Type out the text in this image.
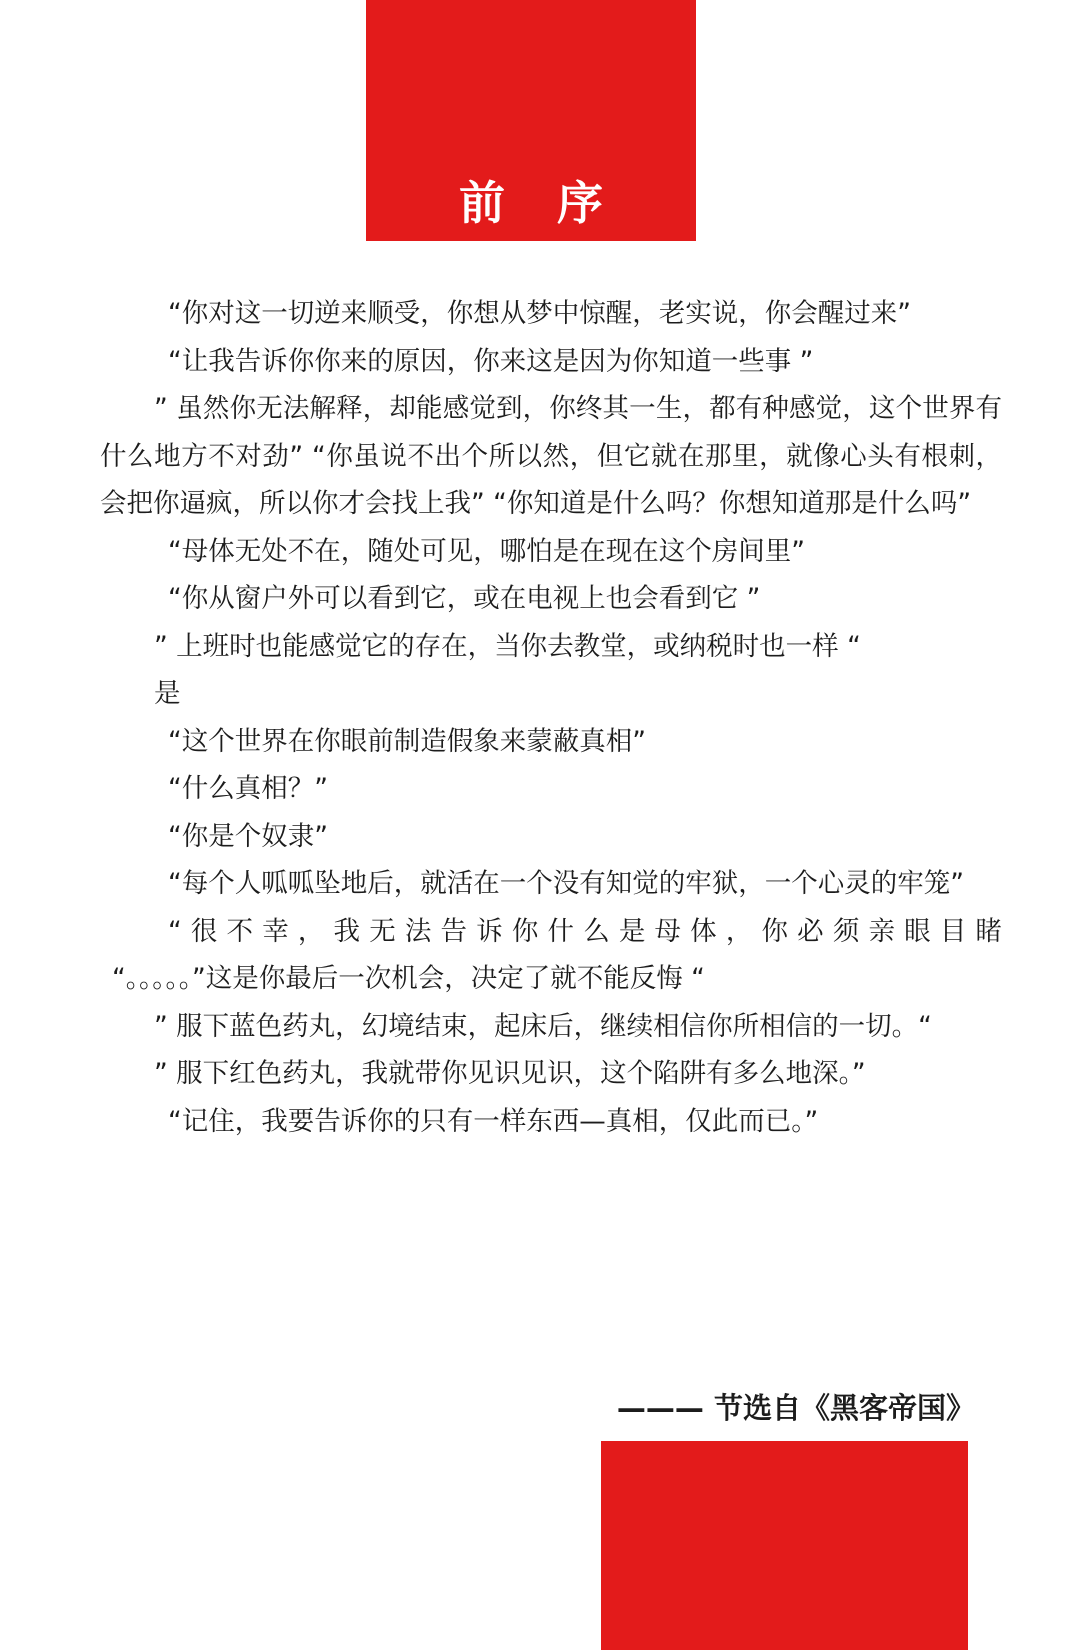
前 序

“你对这一切逆来顺受，你想从梦中惊醒，老实说，你会醒过来”

“让我告诉你你来的原因，你来这是因为你知道一些事 ”

” 虽然你无法解释，却能感觉到，你终其一生，都有种感觉，这个世界有什么地方不对劲” “你虽说不出个所以然，但它就在那里，就像心头有根刺，会把你逼疯，所以你才会找上我” “你知道是什么吗？你想知道那是什么吗”

“母体无处不在，随处可见，哪怕是在现在这个房间里”

“你从窗户外可以看到它，或在电视上也会看到它 ”

” 上班时也能感觉它的存在，当你去教堂，或纳税时也一样 “

是

“这个世界在你眼前制造假象来蒙蔽真相”

“什么真相？”

“你是个奴隶”

“每个人呱呱坠地后，就活在一个没有知觉的牢狱，一个心灵的牢笼”

“很不幸，我无法告诉你什么是母体，你必须亲眼目睹

“。。。。。”这是你最后一次机会，决定了就不能反悔 “

” 服下蓝色药丸，幻境结束，起床后，继续相信你所相信的一切。“

” 服下红色药丸，我就带你见识见识，这个陷阱有多么地深。”

“记住，我要告诉你的只有一样东西—真相，仅此而已。”

——— 节选自《黑客帝国》
